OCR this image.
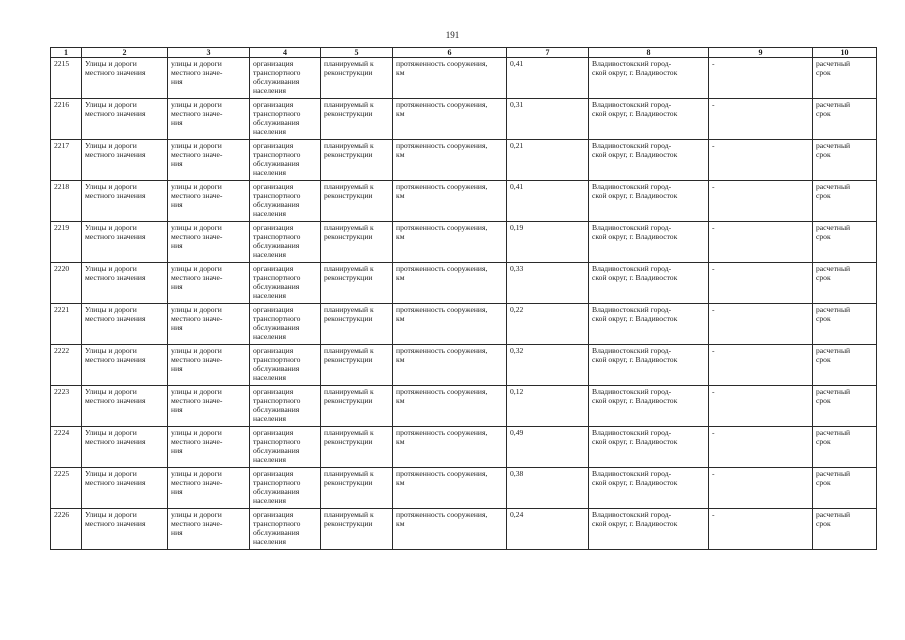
191
1	2	3	4	5	6	7	8	9	10
2215	Улицы и дороги
местного значения	улицы и дороги
местного значе-
ния	организация
транспортного
обслуживания
населения	планируемый к
реконструкции	протяженность сооружения,
км	0,41	Владивостокский город-
ской округ, г. Владивосток	-	расчетный
срок
2216	Улицы и дороги
местного значения	улицы и дороги
местного значе-
ния	организация
транспортного
обслуживания
населения	планируемый к
реконструкции	протяженность сооружения,
км	0,31	Владивостокский город-
ской округ, г. Владивосток	-	расчетный
срок
2217	Улицы и дороги
местного значения	улицы и дороги
местного значе-
ния	организация
транспортного
обслуживания
населения	планируемый к
реконструкции	протяженность сооружения,
км	0,21	Владивостокский город-
ской округ, г. Владивосток	-	расчетный
срок
2218	Улицы и дороги
местного значения	улицы и дороги
местного значе-
ния	организация
транспортного
обслуживания
населения	планируемый к
реконструкции	протяженность сооружения,
км	0,41	Владивостокский город-
ской округ, г. Владивосток	-	расчетный
срок
2219	Улицы и дороги
местного значения	улицы и дороги
местного значе-
ния	организация
транспортного
обслуживания
населения	планируемый к
реконструкции	протяженность сооружения,
км	0,19	Владивостокский город-
ской округ, г. Владивосток	-	расчетный
срок
2220	Улицы и дороги
местного значения	улицы и дороги
местного значе-
ния	организация
транспортного
обслуживания
населения	планируемый к
реконструкции	протяженность сооружения,
км	0,33	Владивостокский город-
ской округ, г. Владивосток	-	расчетный
срок
2221	Улицы и дороги
местного значения	улицы и дороги
местного значе-
ния	организация
транспортного
обслуживания
населения	планируемый к
реконструкции	протяженность сооружения,
км	0,22	Владивостокский город-
ской округ, г. Владивосток	-	расчетный
срок
2222	Улицы и дороги
местного значения	улицы и дороги
местного значе-
ния	организация
транспортного
обслуживания
населения	планируемый к
реконструкции	протяженность сооружения,
км	0,32	Владивостокский город-
ской округ, г. Владивосток	-	расчетный
срок
2223	Улицы и дороги
местного значения	улицы и дороги
местного значе-
ния	организация
транспортного
обслуживания
населения	планируемый к
реконструкции	протяженность сооружения,
км	0,12	Владивостокский город-
ской округ, г. Владивосток	-	расчетный
срок
2224	Улицы и дороги
местного значения	улицы и дороги
местного значе-
ния	организация
транспортного
обслуживания
населения	планируемый к
реконструкции	протяженность сооружения,
км	0,49	Владивостокский город-
ской округ, г. Владивосток	-	расчетный
срок
2225	Улицы и дороги
местного значения	улицы и дороги
местного значе-
ния	организация
транспортного
обслуживания
населения	планируемый к
реконструкции	протяженность сооружения,
км	0,38	Владивостокский город-
ской округ, г. Владивосток	-	расчетный
срок
2226	Улицы и дороги
местного значения	улицы и дороги
местного значе-
ния	организация
транспортного
обслуживания
населения	планируемый к
реконструкции	протяженность сооружения,
км	0,24	Владивостокский город-
ской округ, г. Владивосток	-	расчетный
срок
